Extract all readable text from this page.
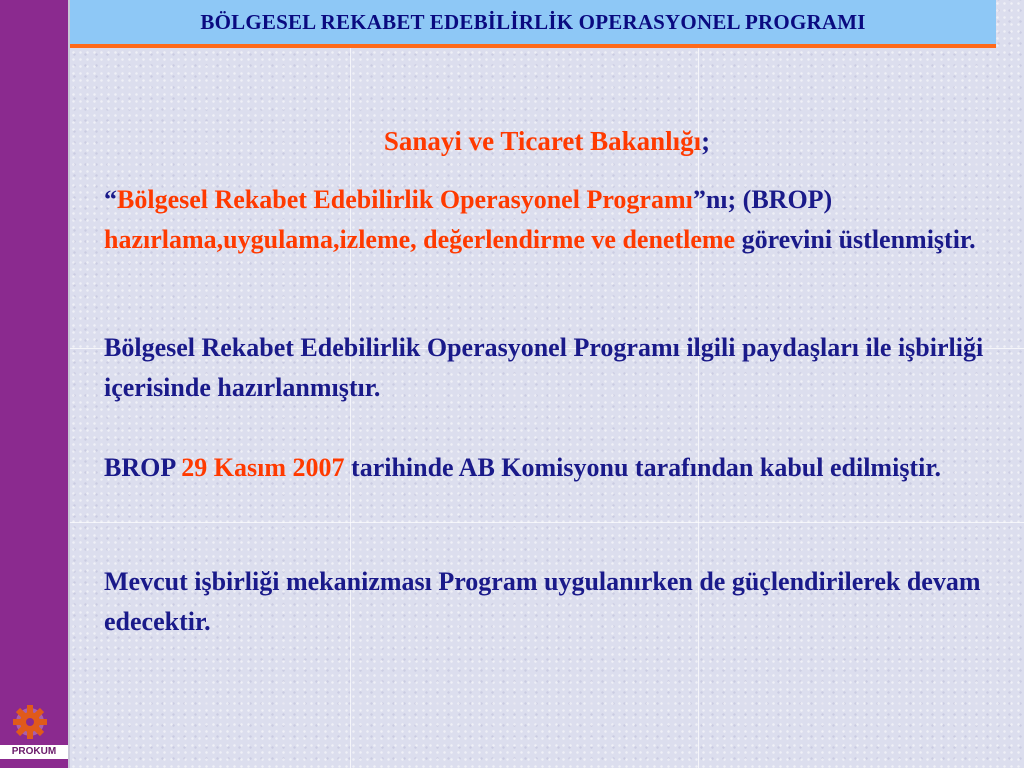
BÖLGESEL REKABET EDEBİLİRLİK OPERASYONEL PROGRAMI
Sanayi ve Ticaret Bakanlığı;
“Bölgesel Rekabet Edebilirlik Operasyonel Programı”nı; (BROP) hazırlama,uygulama,izleme, değerlendirme ve denetleme görevini üstlenmiştir.
Bölgesel Rekabet Edebilirlik Operasyonel Programı ilgili paydaşları ile işbirliği içerisinde hazırlanmıştır.
BROP 29 Kasım 2007 tarihinde AB Komisyonu tarafından kabul edilmiştir.
Mevcut işbirliği mekanizması Program uygulanırken de güçlendirilerek devam edecektir.
PROKUM
